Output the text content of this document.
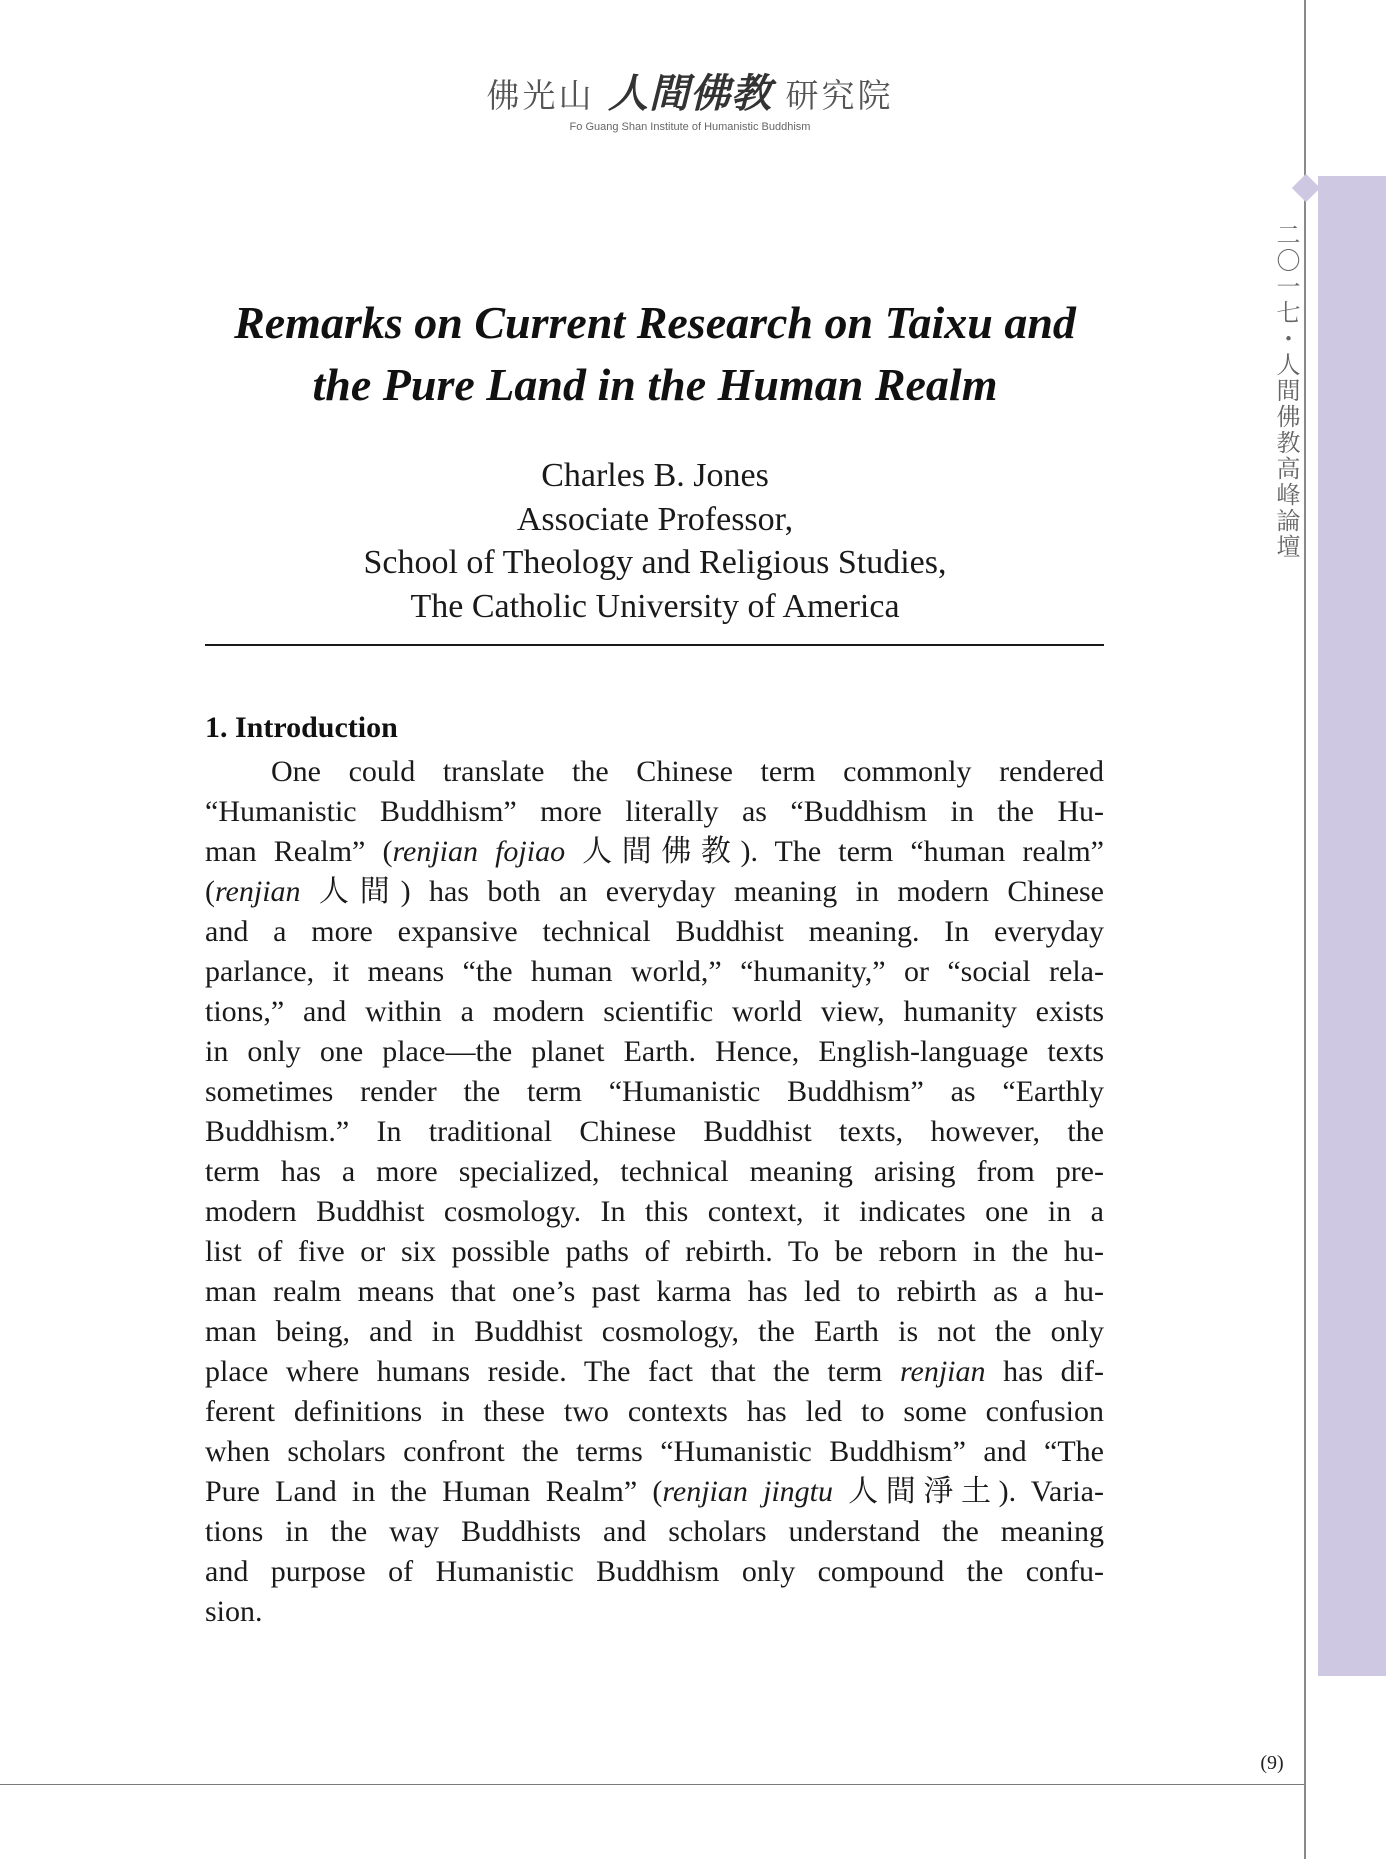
佛光山 人間佛教 研究院
Fo Guang Shan Institute of Humanistic Buddhism
二〇一七・人間佛教高峰論壇
Remarks on Current Research on Taixu and
the Pure Land in the Human Realm
Charles B. Jones
Associate Professor,
School of Theology and Religious Studies,
The Catholic University of America
1. Introduction
One could translate the Chinese term commonly rendered
“Humanistic Buddhism” more literally as “Buddhism in the Hu-
man Realm” (renjian fojiao 人間佛教). The term “human realm”
(renjian 人間) has both an everyday meaning in modern Chinese
and a more expansive technical Buddhist meaning. In everyday
parlance, it means “the human world,” “humanity,” or “social rela-
tions,” and within a modern scientific world view, humanity exists
in only one place—the planet Earth. Hence, English-language texts
sometimes render the term “Humanistic Buddhism” as “Earthly
Buddhism.” In traditional Chinese Buddhist texts, however, the
term has a more specialized, technical meaning arising from pre-
modern Buddhist cosmology. In this context, it indicates one in a
list of five or six possible paths of rebirth. To be reborn in the hu-
man realm means that one’s past karma has led to rebirth as a hu-
man being, and in Buddhist cosmology, the Earth is not the only
place where humans reside. The fact that the term renjian has dif-
ferent definitions in these two contexts has led to some confusion
when scholars confront the terms “Humanistic Buddhism” and “The
Pure Land in the Human Realm” (renjian jingtu 人間淨土). Varia-
tions in the way Buddhists and scholars understand the meaning
and purpose of Humanistic Buddhism only compound the confu-
sion.
(9)
